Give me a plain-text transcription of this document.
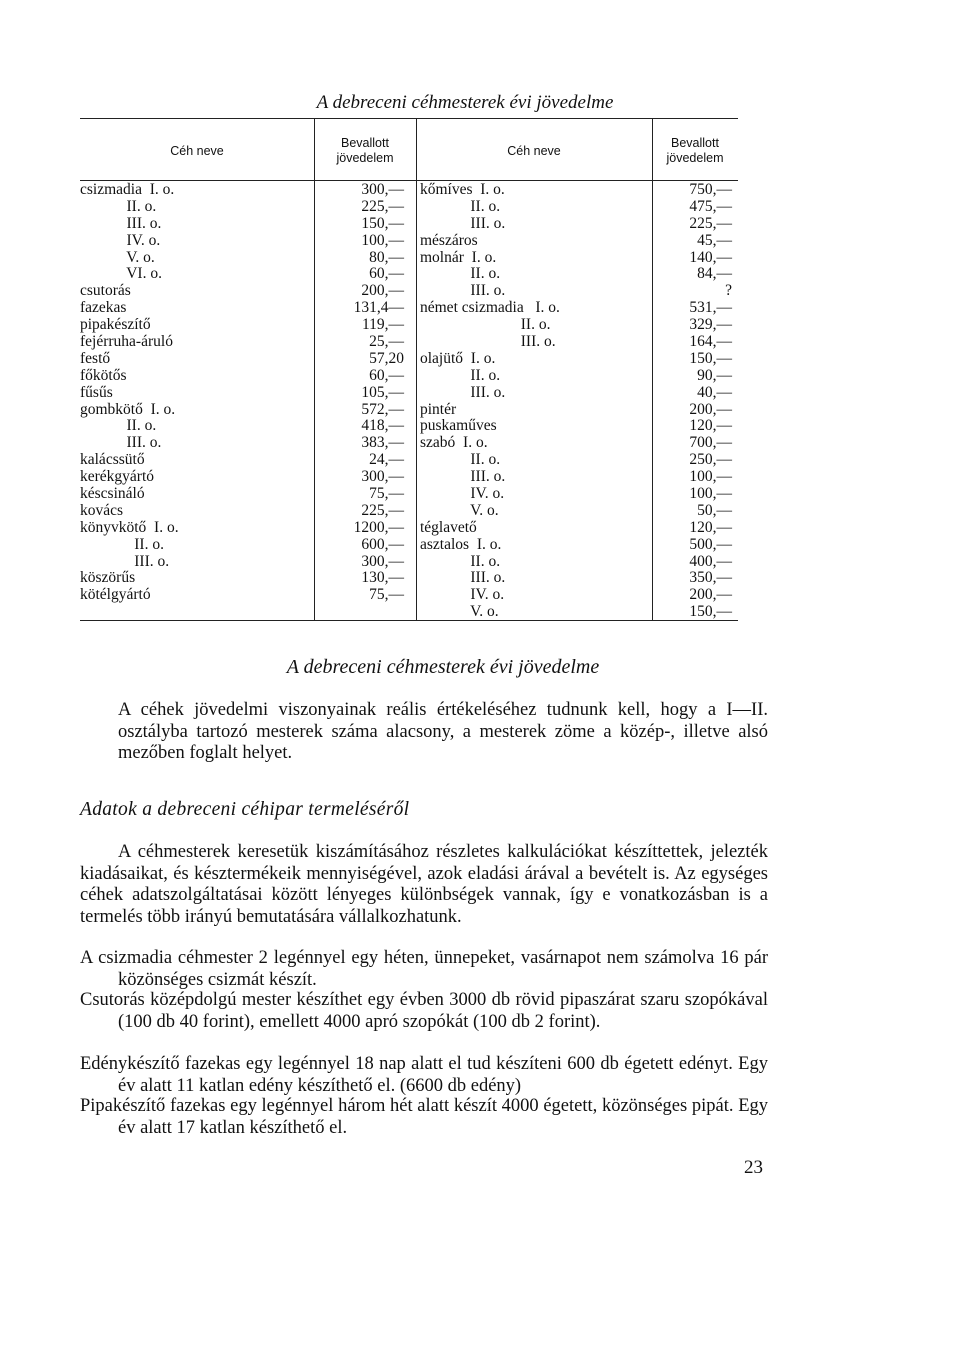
A debreceni céhmesterek évi jövedelme
Céh neve
Bevallott jövedelem
Céh neve
Bevallott jövedelem
csizmadia  I. o.
II. o.
III. o.
IV. o.
V. o.
VI. o.
csutorás
fazekas
pipakészítő
fejérruha-áruló
festő
főkötős
fűsűs
gombkötő  I. o.
II. o.
III. o.
kalácssütő
kerékgyártó
késcsináló
kovács
könyvkötő  I. o.
II. o.
III. o.
köszörűs
kötélgyártó
300,—
225,—
150,—
100,—
80,—
60,—
200,—
131,4—
119,—
25,—
57,20
60,—
105,—
572,—
418,—
383,—
24,—
300,—
75,—
225,—
1200,—
600,—
300,—
130,—
75,—
kőmíves  I. o.
II. o.
III. o.
mészáros
molnár  I. o.
II. o.
III. o.
német csizmadia   I. o.
II. o.
III. o.
olajütő  I. o.
II. o.
III. o.
pintér
puskaműves
szabó  I. o.
II. o.
III. o.
IV. o.
V. o.
téglavető
asztalos  I. o.
II. o.
III. o.
IV. o.
V. o.
750,—
475,—
225,—
45,—
140,—
84,—
?
531,—
329,—
164,—
150,—
90,—
40,—
200,—
120,—
700,—
250,—
100,—
100,—
50,—
120,—
500,—
400,—
350,—
200,—
150,—
A debreceni céhmesterek évi jövedelme

A céhek jövedelmi viszonyainak reális értékeléséhez tudnunk kell, hogy a I—II. osztályba tartozó mesterek száma alacsony, a mesterek zöme a közép-, illetve alsó mezőben foglalt helyet.

Adatok a debreceni céhipar termeléséről

A céhmesterek keresetük kiszámításához részletes kalkulációkat készíttettek, jelezték kiadásaikat, és késztermékeik mennyiségével, azok eladási árával a bevételt is. Az egységes céhek adatszolgáltatásai között lényeges különbségek vannak, így e vonatkozásban is a termelés több irányú bemutatására vállalkozhatunk.

A csizmadia céhmester 2 legénnyel egy héten, ünnepeket, vasárnapot nem számolva 16 pár közönséges csizmát készít.

Csutorás középdolgú mester készíthet egy évben 3000 db rövid pipaszárat szaru szopókával (100 db 40 forint), emellett 4000 apró szopókát (100 db 2 forint).

Edénykészítő fazekas egy legénnyel 18 nap alatt el tud készíteni 600 db égetett edényt. Egy év alatt 11 katlan edény készíthető el. (6600 db edény)

Pipakészítő fazekas egy legénnyel három hét alatt készít 4000 égetett, közönséges pipát. Egy év alatt 17 katlan készíthető el.

23
